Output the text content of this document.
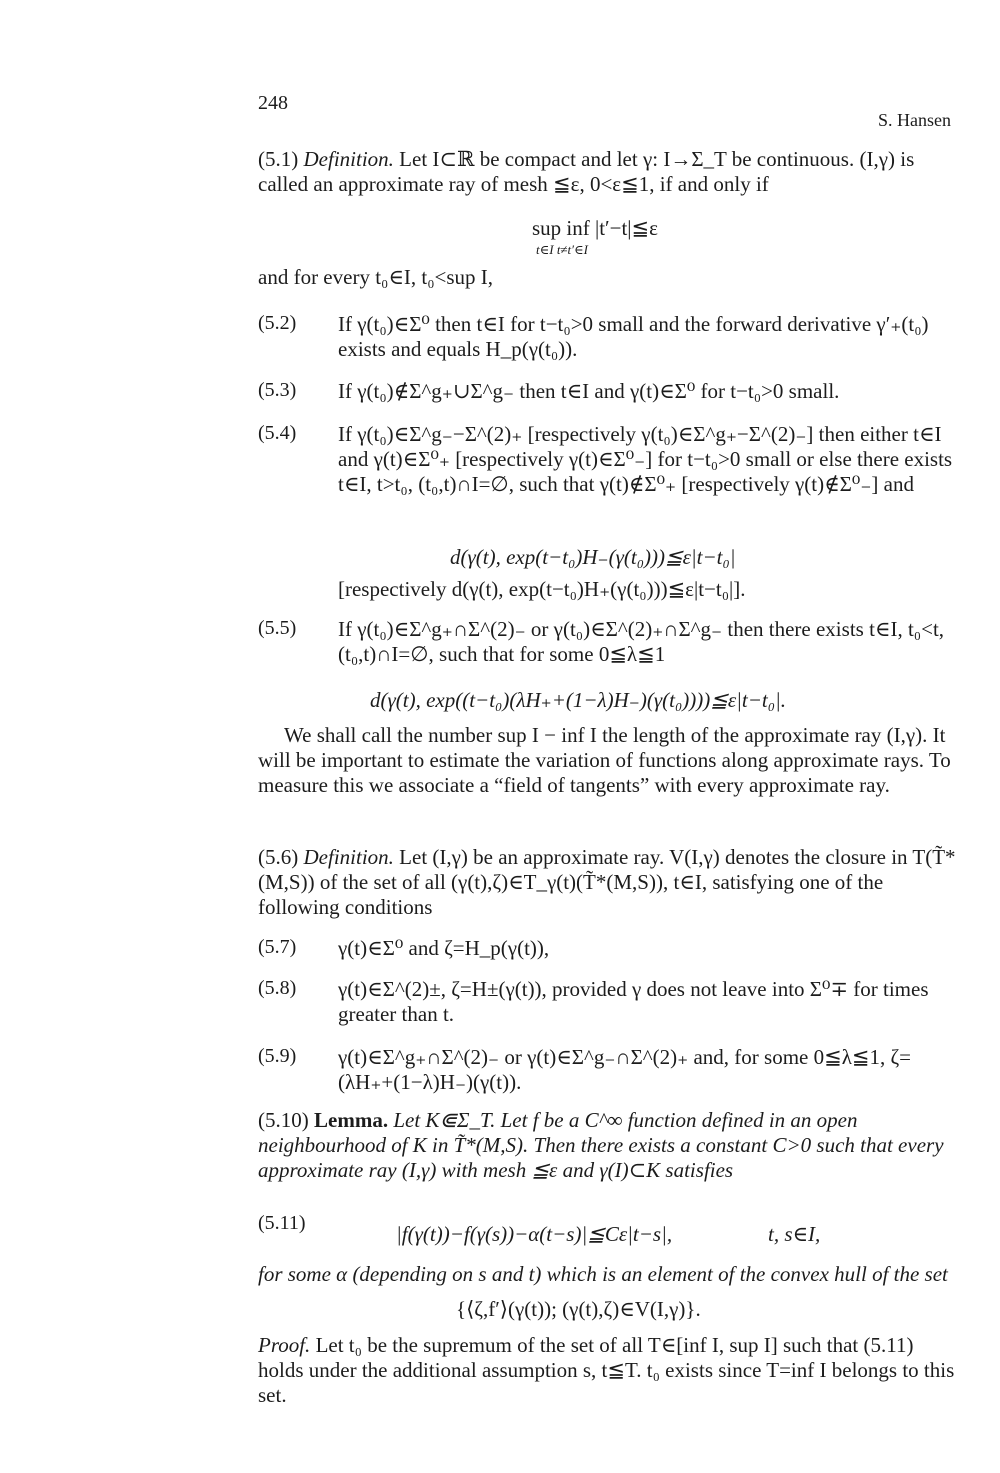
248
S. Hansen
(5.1) Definition. Let I⊂ℝ be compact and let γ: I→Σ_T be continuous. (I,γ) is called an approximate ray of mesh ≦ε, 0<ε≦1, if and only if
sup inf |t′−t|≦ε
t∈I t≠t′∈I
and for every t₀∈I, t₀<sup I,
(5.2) If γ(t₀)∈Σ⁰ then t∈I for t−t₀>0 small and the forward derivative γ′₊(t₀) exists and equals H_p(γ(t₀)).
(5.3) If γ(t₀)∉Σ^g₊∪Σ^g₋ then t∈I and γ(t)∈Σ⁰ for t−t₀>0 small.
(5.4) If γ(t₀)∈Σ^g₋−Σ^(2)₊ [respectively γ(t₀)∈Σ^g₊−Σ^(2)₋] then either t∈I and γ(t)∈Σ⁰₊ [respectively γ(t)∈Σ⁰₋] for t−t₀>0 small or else there exists t∈I, t>t₀, (t₀,t)∩I=∅, such that γ(t)∉Σ⁰₊ [respectively γ(t)∉Σ⁰₋] and
d(γ(t), exp(t−t₀)H₋(γ(t₀)))≦ε|t−t₀|
[respectively d(γ(t), exp(t−t₀)H₊(γ(t₀)))≦ε|t−t₀|].
(5.5) If γ(t₀)∈Σ^g₊∩Σ^(2)₋ or γ(t₀)∈Σ^(2)₊∩Σ^g₋ then there exists t∈I, t₀<t, (t₀,t)∩I=∅, such that for some 0≦λ≦1
d(γ(t), exp((t−t₀)(λH₊+(1−λ)H₋)(γ(t₀))))≦ε|t−t₀|.
We shall call the number sup I − inf I the length of the approximate ray (I,γ). It will be important to estimate the variation of functions along approximate rays. To measure this we associate a “field of tangents” with every approximate ray.
(5.6) Definition. Let (I,γ) be an approximate ray. V(I,γ) denotes the closure in T(T̃*(M,S)) of the set of all (γ(t),ζ)∈T_γ(t)(T̃*(M,S)), t∈I, satisfying one of the following conditions
(5.7) γ(t)∈Σ⁰ and ζ=H_p(γ(t)),
(5.8) γ(t)∈Σ^(2)±, ζ=H±(γ(t)), provided γ does not leave into Σ⁰∓ for times greater than t.
(5.9) γ(t)∈Σ^g₊∩Σ^(2)₋ or γ(t)∈Σ^g₋∩Σ^(2)₊ and, for some 0≦λ≦1, ζ=(λH₊+(1−λ)H₋)(γ(t)).
(5.10) Lemma. Let K⋐Σ_T. Let f be a C^∞ function defined in an open neighbourhood of K in T̃*(M,S). Then there exists a constant C>0 such that every approximate ray (I,γ) with mesh ≦ε and γ(I)⊂K satisfies
(5.11)	|f(γ(t))−f(γ(s))−α(t−s)|≦Cε|t−s|,	t, s∈I,
for some α (depending on s and t) which is an element of the convex hull of the set
{⟨ζ,f′⟩(γ(t)); (γ(t),ζ)∈V(I,γ)}.
Proof. Let t₀ be the supremum of the set of all T∈[inf I, sup I] such that (5.11) holds under the additional assumption s, t≦T. t₀ exists since T=inf I belongs to this set.
